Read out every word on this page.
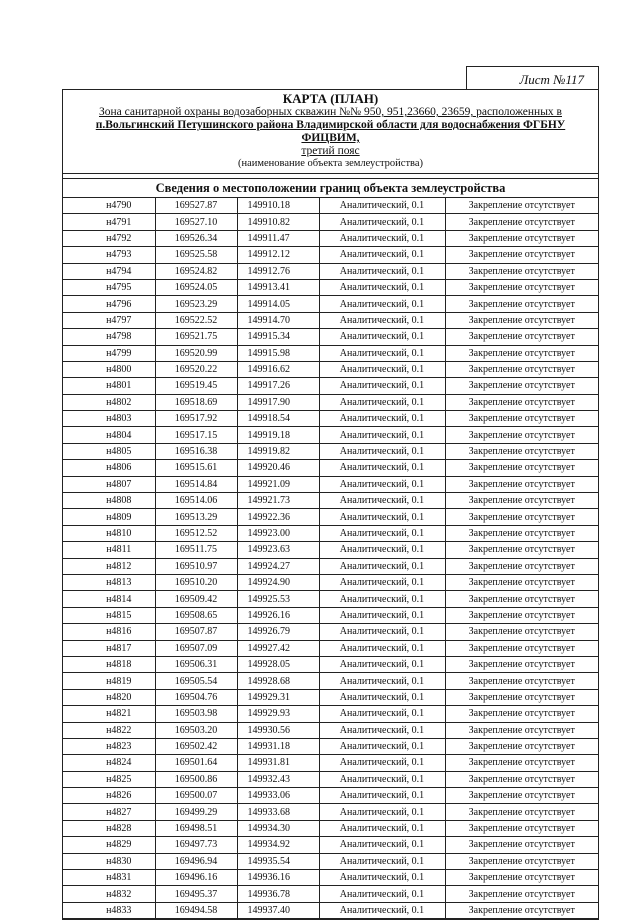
Лист №117
КАРТА (ПЛАН)
Зона санитарной охраны водозаборных скважин №№ 950, 951,23660, 23659, расположенных в
п.Вольгинский Петушинского района Владимирской области для водоснабжения ФГБНУ ФИЦВИМ,
третий пояс
(наименование объекта землеустройства)
Сведения о местоположении границ объекта землеустройства
н4790	169527.87	149910.18	Аналитический, 0.1	Закрепление отсутствует
н4791	169527.10	149910.82	Аналитический, 0.1	Закрепление отсутствует
н4792	169526.34	149911.47	Аналитический, 0.1	Закрепление отсутствует
н4793	169525.58	149912.12	Аналитический, 0.1	Закрепление отсутствует
н4794	169524.82	149912.76	Аналитический, 0.1	Закрепление отсутствует
н4795	169524.05	149913.41	Аналитический, 0.1	Закрепление отсутствует
н4796	169523.29	149914.05	Аналитический, 0.1	Закрепление отсутствует
н4797	169522.52	149914.70	Аналитический, 0.1	Закрепление отсутствует
н4798	169521.75	149915.34	Аналитический, 0.1	Закрепление отсутствует
н4799	169520.99	149915.98	Аналитический, 0.1	Закрепление отсутствует
н4800	169520.22	149916.62	Аналитический, 0.1	Закрепление отсутствует
н4801	169519.45	149917.26	Аналитический, 0.1	Закрепление отсутствует
н4802	169518.69	149917.90	Аналитический, 0.1	Закрепление отсутствует
н4803	169517.92	149918.54	Аналитический, 0.1	Закрепление отсутствует
н4804	169517.15	149919.18	Аналитический, 0.1	Закрепление отсутствует
н4805	169516.38	149919.82	Аналитический, 0.1	Закрепление отсутствует
н4806	169515.61	149920.46	Аналитический, 0.1	Закрепление отсутствует
н4807	169514.84	149921.09	Аналитический, 0.1	Закрепление отсутствует
н4808	169514.06	149921.73	Аналитический, 0.1	Закрепление отсутствует
н4809	169513.29	149922.36	Аналитический, 0.1	Закрепление отсутствует
н4810	169512.52	149923.00	Аналитический, 0.1	Закрепление отсутствует
н4811	169511.75	149923.63	Аналитический, 0.1	Закрепление отсутствует
н4812	169510.97	149924.27	Аналитический, 0.1	Закрепление отсутствует
н4813	169510.20	149924.90	Аналитический, 0.1	Закрепление отсутствует
н4814	169509.42	149925.53	Аналитический, 0.1	Закрепление отсутствует
н4815	169508.65	149926.16	Аналитический, 0.1	Закрепление отсутствует
н4816	169507.87	149926.79	Аналитический, 0.1	Закрепление отсутствует
н4817	169507.09	149927.42	Аналитический, 0.1	Закрепление отсутствует
н4818	169506.31	149928.05	Аналитический, 0.1	Закрепление отсутствует
н4819	169505.54	149928.68	Аналитический, 0.1	Закрепление отсутствует
н4820	169504.76	149929.31	Аналитический, 0.1	Закрепление отсутствует
н4821	169503.98	149929.93	Аналитический, 0.1	Закрепление отсутствует
н4822	169503.20	149930.56	Аналитический, 0.1	Закрепление отсутствует
н4823	169502.42	149931.18	Аналитический, 0.1	Закрепление отсутствует
н4824	169501.64	149931.81	Аналитический, 0.1	Закрепление отсутствует
н4825	169500.86	149932.43	Аналитический, 0.1	Закрепление отсутствует
н4826	169500.07	149933.06	Аналитический, 0.1	Закрепление отсутствует
н4827	169499.29	149933.68	Аналитический, 0.1	Закрепление отсутствует
н4828	169498.51	149934.30	Аналитический, 0.1	Закрепление отсутствует
н4829	169497.73	149934.92	Аналитический, 0.1	Закрепление отсутствует
н4830	169496.94	149935.54	Аналитический, 0.1	Закрепление отсутствует
н4831	169496.16	149936.16	Аналитический, 0.1	Закрепление отсутствует
н4832	169495.37	149936.78	Аналитический, 0.1	Закрепление отсутствует
н4833	169494.58	149937.40	Аналитический, 0.1	Закрепление отсутствует
